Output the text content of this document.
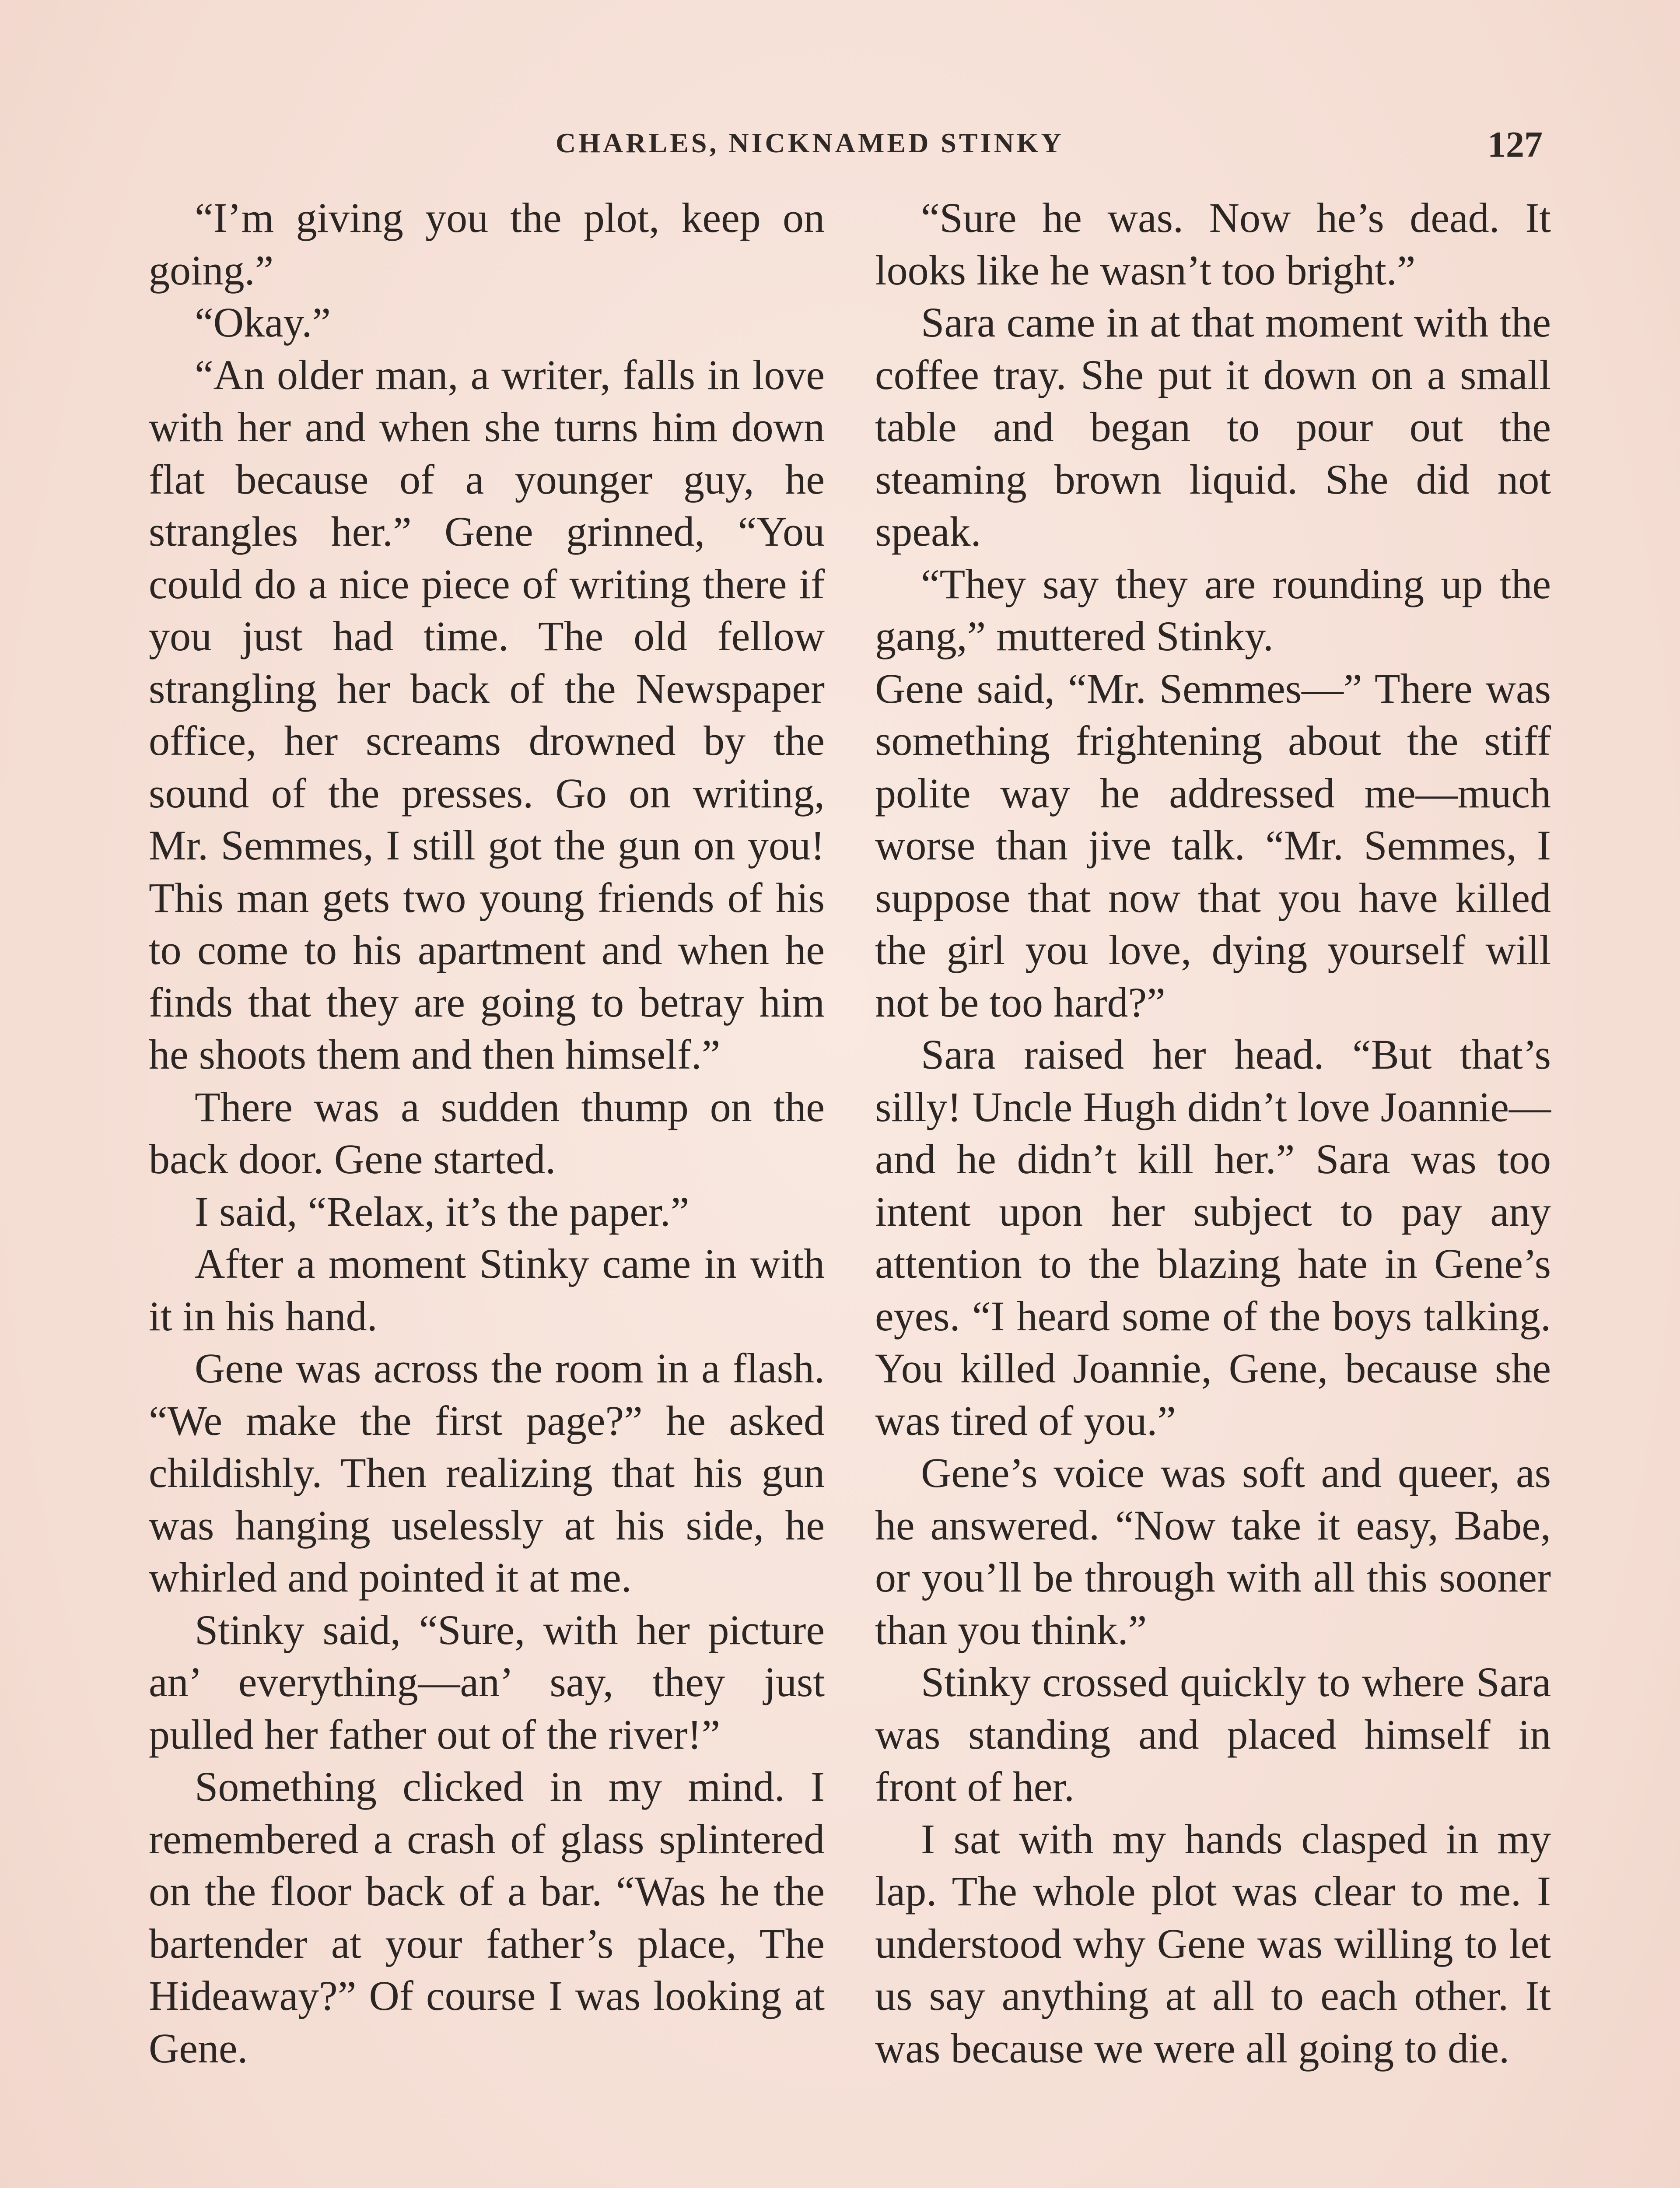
CHARLES, NICKNAMED STINKY	127

“I’m giving you the plot, keep on going.”

“Okay.”

“An older man, a writer, falls in love with her and when she turns him down flat because of a younger guy, he strangles her.” Gene grinned, “You could do a nice piece of writing there if you just had time. The old fellow strangling her back of the Newspaper office, her screams drowned by the sound of the presses. Go on writing, Mr. Semmes, I still got the gun on you! This man gets two young friends of his to come to his apartment and when he finds that they are going to betray him he shoots them and then himself.”

There was a sudden thump on the back door. Gene started.

I said, “Relax, it’s the paper.”

After a moment Stinky came in with it in his hand.

Gene was across the room in a flash. “We make the first page?” he asked childishly. Then realizing that his gun was hanging uselessly at his side, he whirled and pointed it at me.

Stinky said, “Sure, with her picture an’ everything—an’ say, they just pulled her father out of the river!”

Something clicked in my mind. I remembered a crash of glass splintered on the floor back of a bar. “Was he the bartender at your father’s place, The Hideaway?” Of course I was looking at Gene.

“Sure he was. Now he’s dead. It looks like he wasn’t too bright.”

Sara came in at that moment with the coffee tray. She put it down on a small table and began to pour out the steaming brown liquid. She did not speak.

“They say they are rounding up the gang,” muttered Stinky.

Gene said, “Mr. Semmes—” There was something frightening about the stiff polite way he addressed me—much worse than jive talk. “Mr. Semmes, I suppose that now that you have killed the girl you love, dying yourself will not be too hard?”

Sara raised her head. “But that’s silly! Uncle Hugh didn’t love Joannie—and he didn’t kill her.” Sara was too intent upon her subject to pay any attention to the blazing hate in Gene’s eyes. “I heard some of the boys talking. You killed Joannie, Gene, because she was tired of you.”

Gene’s voice was soft and queer, as he answered. “Now take it easy, Babe, or you’ll be through with all this sooner than you think.”

Stinky crossed quickly to where Sara was standing and placed himself in front of her.

I sat with my hands clasped in my lap. The whole plot was clear to me. I understood why Gene was willing to let us say anything at all to each other. It was because we were all going to die.
